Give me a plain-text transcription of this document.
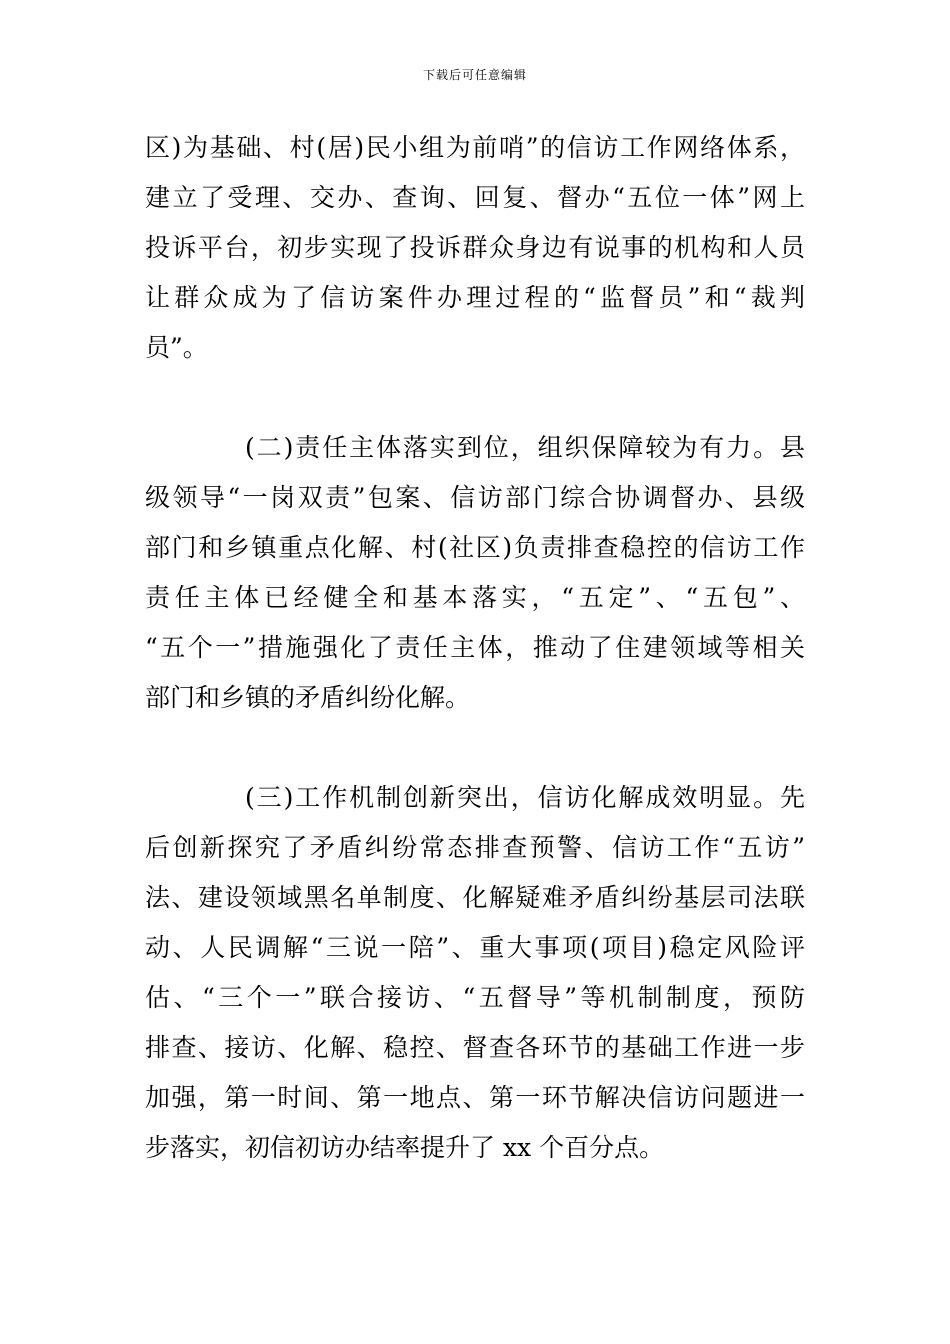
下载后可任意编辑
区)为基础、村(居)民小组为前哨”的信访工作网络体系，
建立了受理、交办、查询、回复、督办“五位一体”网上
投诉平台，初步实现了投诉群众身边有说事的机构和人员
让群众成为了信访案件办理过程的“监督员”和“裁判
员”。
(二)责任主体落实到位，组织保障较为有力。县
级领导“一岗双责”包案、信访部门综合协调督办、县级
部门和乡镇重点化解、村(社区)负责排查稳控的信访工作
责任主体已经健全和基本落实，“五定”、“五包”、
“五个一”措施强化了责任主体，推动了住建领域等相关
部门和乡镇的矛盾纠纷化解。
(三)工作机制创新突出，信访化解成效明显。先
后创新探究了矛盾纠纷常态排查预警、信访工作“五访”
法、建设领域黑名单制度、化解疑难矛盾纠纷基层司法联
动、人民调解“三说一陪”、重大事项(项目)稳定风险评
估、“三个一”联合接访、“五督导”等机制制度，预防
排查、接访、化解、稳控、督查各环节的基础工作进一步
加强，第一时间、第一地点、第一环节解决信访问题进一
步落实，初信初访办结率提升了 xx 个百分点。
